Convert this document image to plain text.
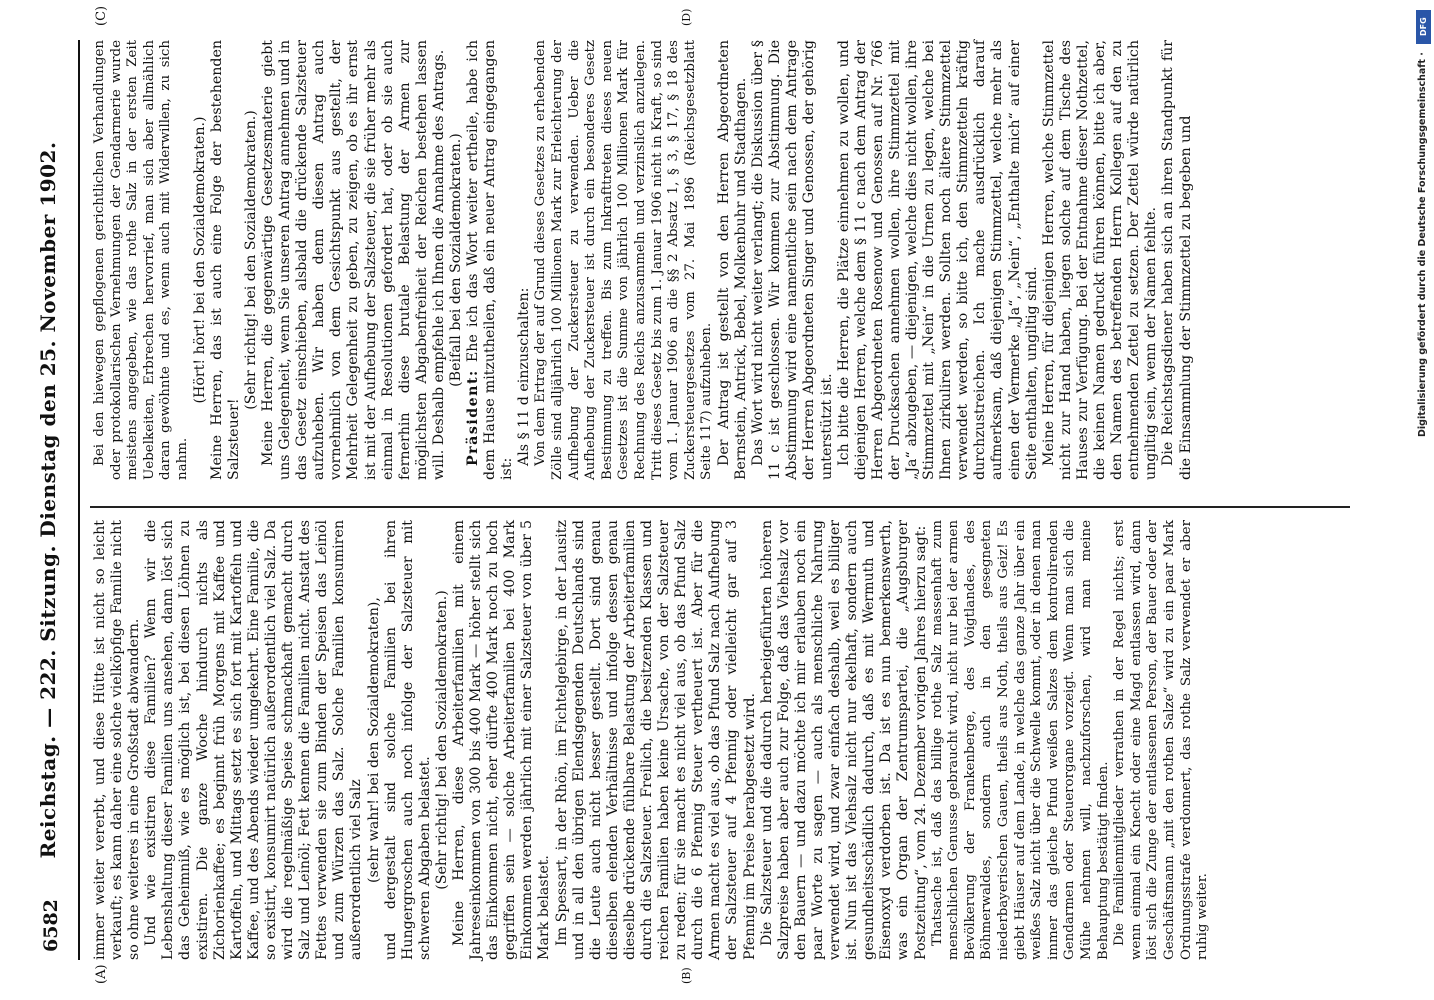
6582
Reichstag. — 222. Sitzung. Dienstag den 25. November 1902.
(A)	(B)
(C)	(D)

immer weiter vererbt, und diese Hütte ist nicht so leicht verkauft; es kann daher eine solche vielköpfige Familie nicht so ohne weiteres in eine Großstadt abwandern. Und wie existiren diese Familien? Wenn wir die Lebenshaltung dieser Familien uns ansehen, dann löst sich das Geheimniß, wie es möglich ist, bei diesen Löhnen zu existiren. Die ganze Woche hindurch nichts als Zichorienkaffee; es beginnt früh Morgens mit Kaffee und Kartoffeln, und Mittags setzt es sich fort mit Kartoffeln und Kaffee, und des Abends wieder umgekehrt. Eine Familie, die so existirt, konsumirt natürlich außerordentlich viel Salz. Da wird die regelmäßige Speise schmackhaft gemacht durch Salz und Leinöl; Fett kennen die Familien nicht. Anstatt des Fettes verwenden sie zum Binden der Speisen das Leinöl und zum Würzen das Salz. Solche Familien konsumiren außerordentlich viel Salz (sehr wahr! bei den Sozialdemokraten), und dergestalt sind solche Familien bei ihren Hungergroschen auch noch infolge der Salzsteuer mit schweren Abgaben belastet. (Sehr richtig! bei den Sozialdemokraten.) Meine Herren, diese Arbeiterfamilien mit einem Jahreseinkommen von 300 bis 400 Mark — höher stellt sich das Einkommen nicht, eher dürfte 400 Mark noch zu hoch gegriffen sein — solche Arbeiterfamilien bei 400 Mark Einkommen werden jährlich mit einer Salzsteuer von über 5 Mark belastet. Im Spessart, in der Rhön, im Fichtelgebirge, in der Lausitz und in all den übrigen Elendsgegenden Deutschlands sind die Leute auch nicht besser gestellt. Dort sind genau dieselben elenden Verhältnisse und infolge dessen genau dieselbe drückende fühlbare Belastung der Arbeiterfamilien durch die Salzsteuer. Freilich, die besitzenden Klassen und reichen Familien haben keine Ursache, von der Salzsteuer zu reden; für sie macht es nicht viel aus, ob das Pfund Salz durch die 6 Pfennig Steuer vertheuert ist. Aber für die Armen macht es viel aus, ob das Pfund Salz nach Aufhebung der Salzsteuer auf 4 Pfennig oder vielleicht gar auf 3 Pfennig im Preise herabgesetzt wird. Die Salzsteuer und die dadurch herbeigeführten höheren Salzpreise haben aber auch zur Folge, daß das Viehsalz vor den Bauern — und dazu möchte ich mir erlauben noch ein paar Worte zu sagen — auch als menschliche Nahrung verwendet wird, und zwar einfach deshalb, weil es billiger ist. Nun ist das Viehsalz nicht nur ekelhaft, sondern auch gesundheitsschädlich dadurch, daß es mit Wermuth und Eisenoxyd verdorben ist. Da ist es nun bemerkenswerth, was ein Organ der Zentrumspartei, die „Augsburger Postzeitung“, vom 24. Dezember vorigen Jahres hierzu sagt: Thatsache ist, daß das billige rothe Salz massenhaft zum menschlichen Genusse gebraucht wird, nicht nur bei der armen Bevölkerung der Frankenberge, des Voigtlandes, des Böhmerwaldes, sondern auch in den gesegneten niederbayerischen Gauen, theils aus Noth, theils aus Geiz! Es giebt Häuser auf dem Lande, in welche das ganze Jahr über ein weißes Salz nicht über die Schwelle kommt, oder in denen man immer das gleiche Pfund weißen Salzes dem kontrolirenden Gendarmen oder Steuerorgane vorzeigt. Wenn man sich die Mühe nehmen will, nachzuforschen, wird man meine Behauptung bestätigt finden. Die Familienmitglieder verrathen in der Regel nichts; erst wenn einmal ein Knecht oder eine Magd entlassen wird, dann löst sich die Zunge der entlassenen Person, der Bauer oder der Geschäftsmann „mit den rothen Salze“ wird zu ein paar Mark Ordnungsstrafe verdonnert, das rothe Salz verwendet er aber ruhig weiter.

Bei den hiewegen gepflogenen gerichtlichen Verhandlungen oder protokollarischen Vernehmungen der Gendarmerie wurde meistens angegeben, wie das rothe Salz in der ersten Zeit Uebelkeiten, Erbrechen hervorrief, man sich aber allmählich daran gewöhnte und es, wenn auch mit Widerwillen, zu sich nahm.

(Hört! hört! bei den Sozialdemokraten.) Meine Herren, das ist auch eine Folge der bestehenden Salzsteuer!

(Sehr richtig! bei den Sozialdemokraten.) Meine Herren, die gegenwärtige Gesetzesmaterie giebt uns Gelegenheit, wenn Sie unseren Antrag annehmen und in das Gesetz einschieben, alsbald die drückende Salzsteuer aufzuheben. Wir haben denn diesen Antrag auch vornehmlich von dem Gesichtspunkt aus gestellt, der Mehrheit Gelegenheit zu geben, zu zeigen, ob es ihr ernst ist mit der Aufhebung der Salzsteuer, die sie früher mehr als einmal in Resolutionen gefordert hat, oder ob sie auch fernerhin diese brutale Belastung der Armen zur möglichsten Abgabenfreiheit der Reichen bestehen lassen will. Deshalb empfehle ich Ihnen die Annahme des Antrags. (Beifall bei den Sozialdemokraten.)

Präsident: Ehe ich das Wort weiter ertheile, habe ich dem Hause mitzutheilen, daß ein neuer Antrag eingegangen ist:

Als § 11 d einzuschalten: Von dem Ertrag der auf Grund dieses Gesetzes zu erhebenden Zölle sind alljährlich 100 Millionen Mark zur Erleichterung der Aufhebung der Zuckersteuer zu verwenden. Ueber die Aufhebung der Zuckersteuer ist durch ein besonderes Gesetz Bestimmung zu treffen. Bis zum Inkrafttreten dieses neuen Gesetzes ist die Summe von jährlich 100 Millionen Mark für Rechnung des Reichs anzusammeln und verzinslich anzulegen. Tritt dieses Gesetz bis zum 1. Januar 1906 nicht in Kraft, so sind vom 1. Januar 1906 an die §§ 2 Absatz 1, § 3, § 17, § 18 des Zuckersteuergesetzes vom 27. Mai 1896 (Reichsgesetzblatt Seite 117) aufzuheben. Der Antrag ist gestellt von den Herren Abgeordneten Bernstein, Antrick, Bebel, Molkenbuhr und Stadthagen. Das Wort wird nicht weiter verlangt; die Diskussion über § 11 c ist geschlossen. Wir kommen zur Abstimmung. Die Abstimmung wird eine namentliche sein nach dem Antrage der Herren Abgeordneten Singer und Genossen, der gehörig unterstützt ist. Ich bitte die Herren, die Plätze einnehmen zu wollen, und diejenigen Herren, welche dem § 11 c nach dem Antrag der Herren Abgeordneten Rosenow und Genossen auf Nr. 766 der Drucksachen annehmen wollen, ihre Stimmzettel mit „Ja“ abzugeben, — diejenigen, welche dies nicht wollen, ihre Stimmzettel mit „Nein“ in die Urnen zu legen, welche bei Ihnen zirkuliren werden. Sollten noch ältere Stimmzettel verwendet werden, so bitte ich, den Stimmzetteln kräftig durchzustreichen. Ich mache ausdrücklich darauf aufmerksam, daß diejenigen Stimmzettel, welche mehr als einen der Vermerke „Ja“, „Nein“, „Enthalte mich“ auf einer Seite enthalten, ungiltig sind. Meine Herren, für diejenigen Herren, welche Stimmzettel nicht zur Hand haben, liegen solche auf dem Tische des Hauses zur Verfügung. Bei der Entnahme dieser Nothzettel, die keinen Namen gedruckt führen können, bitte ich aber, den Namen des betreffenden Herrn Kollegen auf den zu entnehmenden Zettel zu setzen. Der Zettel würde natürlich ungiltig sein, wenn der Namen fehlte. Die Reichstagsdiener haben sich an ihren Standpunkt für die Einsammlung der Stimmzettel zu begeben und

DFG
Digitalisierung gefördert durch die Deutsche Forschungsgemeinschaft ·
